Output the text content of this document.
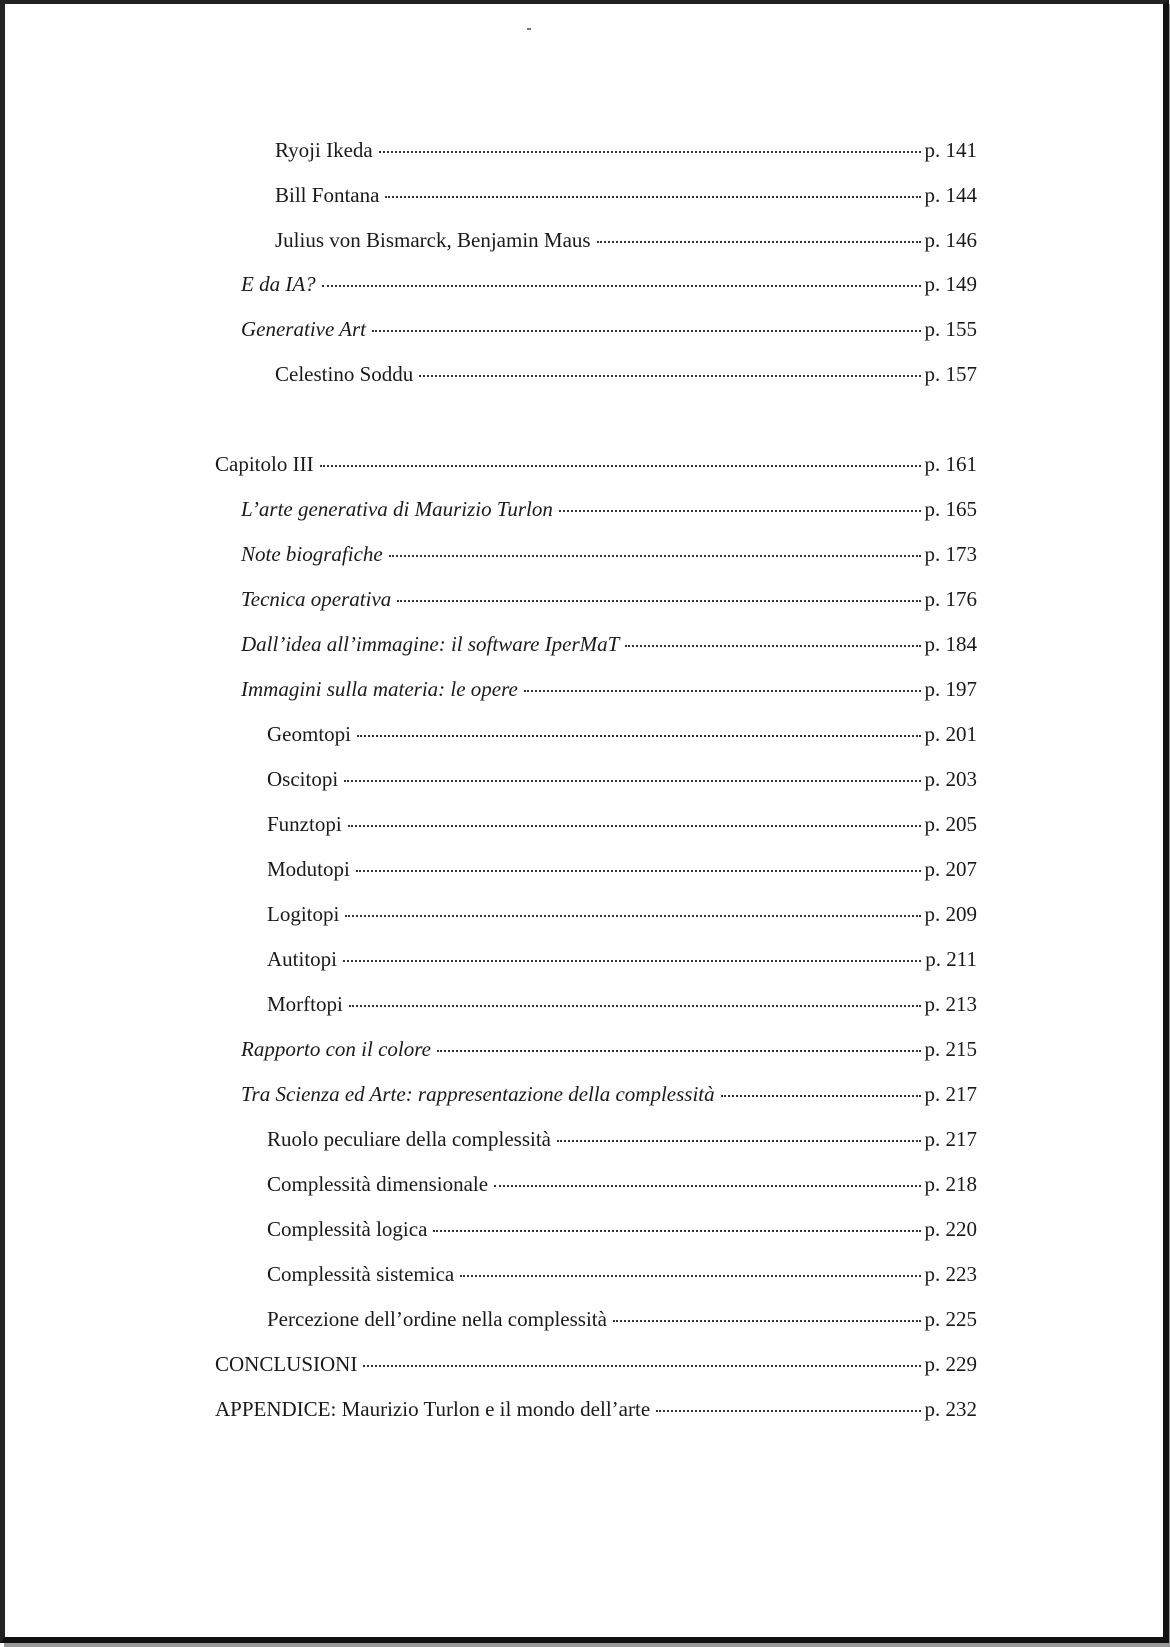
Ryoji Ikeda	p. 141
Bill Fontana	p. 144
Julius von Bismarck, Benjamin Maus	p. 146
E da IA?	p. 149
Generative Art	p. 155
Celestino Soddu	p. 157
Capitolo III	p. 161
L’arte generativa di Maurizio Turlon	p. 165
Note biografiche	p. 173
Tecnica operativa	p. 176
Dall’idea all’immagine: il software IperMaT	p. 184
Immagini sulla materia: le opere	p. 197
Geomtopi	p. 201
Oscitopi	p. 203
Funztopi	p. 205
Modutopi	p. 207
Logitopi	p. 209
Autitopi	p. 211
Morftopi	p. 213
Rapporto con il colore	p. 215
Tra Scienza ed Arte: rappresentazione della complessità	p. 217
Ruolo peculiare della complessità	p. 217
Complessità dimensionale	p. 218
Complessità logica	p. 220
Complessità sistemica	p. 223
Percezione dell’ordine nella complessità	p. 225
CONCLUSIONI	p. 229
APPENDICE: Maurizio Turlon e il mondo dell’arte	p. 232
